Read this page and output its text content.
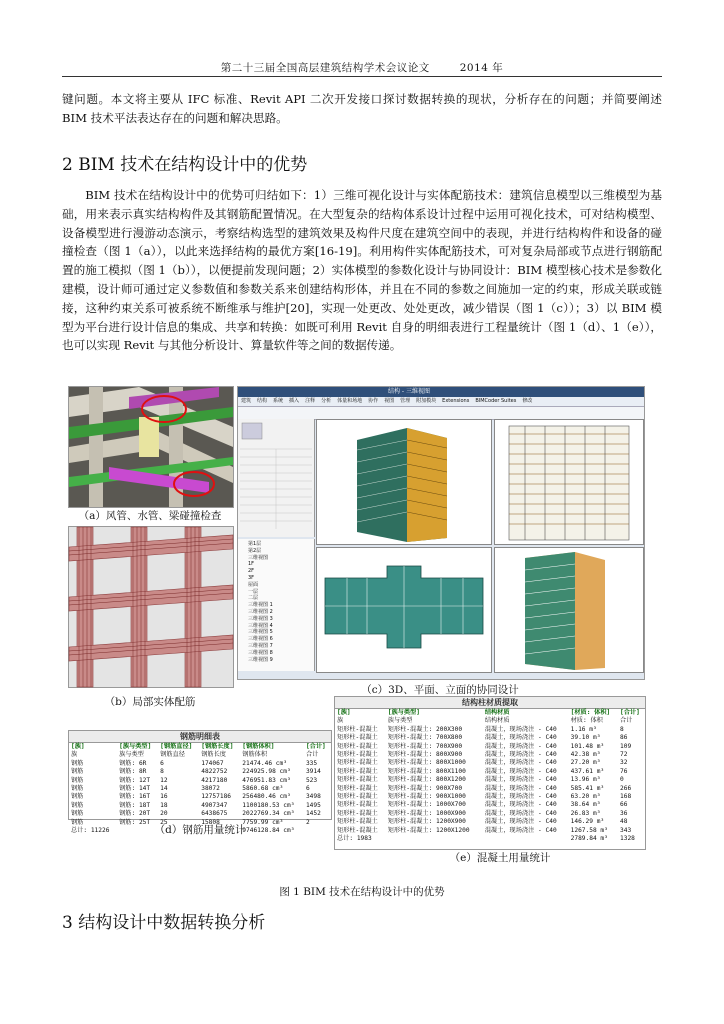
第二十三届全国高层建筑结构学术会议论文	2014 年
键问题。本文将主要从 IFC 标准、Revit API 二次开发接口探讨数据转换的现状，分析存在的问题；并简要阐述 BIM 技术平法表达存在的问题和解决思路。
2 BIM 技术在结构设计中的优势
BIM 技术在结构设计中的优势可归结如下：1）三维可视化设计与实体配筋技术：建筑信息模型以三维模型为基础，用来表示真实结构构件及其钢筋配置情况。在大型复杂的结构体系设计过程中运用可视化技术，可对结构模型、设备模型进行漫游动态演示，考察结构选型的建筑效果及构件尺度在建筑空间中的表现，并进行结构构件和设备的碰撞检查（图 1（a）），以此来选择结构的最优方案[16-19]。利用构件实体配筋技术，可对复杂局部或节点进行钢筋配置的施工模拟（图 1（b）），以便提前发现问题；2）实体模型的参数化设计与协同设计：BIM 模型核心技术是参数化建模，设计师可通过定义参数值和参数关系来创建结构形体，并且在不同的参数之间施加一定的约束，形成关联或链接，这种约束关系可被系统不断维承与维护[20]，实现一处更改、处处更改，减少错误（图 1（c））；3）以 BIM 模型为平台进行设计信息的集成、共享和转换：如既可利用 Revit 自身的明细表进行工程量统计（图 1（d）、1（e）），也可以实现 Revit 与其他分析设计、算量软件等之间的数据传递。
（a）风管、水管、梁碰撞检查
（b）局部实体配筋
结构 - 三维视图
建筑 结构 系统 插入 注释 分析 体量和场地 协作 视图 管理 附加模块 Extensions BIMCoder Suites 修改
第1层
第2层
三维视图
1F
2F
3F
屋面
一层
二层
三维视图 1
三维视图 2
三维视图 3
三维视图 4
三维视图 5
三维视图 6
三维视图 7
三维视图 8
三维视图 9
（c）3D、平面、立面的协同设计
钢筋明细表
[族]	[族与类型]	[钢筋直径]	[钢筋长度]	[钢筋体积]	[合计]
族	族与类型	钢筋直径	钢筋长度	钢筋体积	合计
钢筋	钢筋: 6R	6	174067	21474.46 cm³	335
钢筋	钢筋: 8R	8	4822752	224925.98 cm³	3914
钢筋	钢筋: 12T	12	4217180	476951.83 cm³	523
钢筋	钢筋: 14T	14	38072	5860.68 cm³	6
钢筋	钢筋: 16T	16	12757186	256480.46 cm³	3498
钢筋	钢筋: 18T	18	4907347	1100180.53 cm³	1495
钢筋	钢筋: 20T	20	6438675	2022769.34 cm³	1452
钢筋	钢筋: 25T	25	15808	7759.99 cm³	2
总计: 11226				9746128.84 cm³	
（d）钢筋用量统计
结构柱材质提取
[族]	[族与类型]	结构材质	[材质: 体积]	[合计]
族	族与类型	结构材质	材质: 体积	合计
矩形柱-混凝土	矩形柱-混凝土: 200X300	混凝土，现场浇注 - C40	1.16 m³	8
矩形柱-混凝土	矩形柱-混凝土: 700X800	混凝土，现场浇注 - C40	39.10 m³	86
矩形柱-混凝土	矩形柱-混凝土: 700X900	混凝土，现场浇注 - C40	101.48 m³	109
矩形柱-混凝土	矩形柱-混凝土: 800X900	混凝土，现场浇注 - C40	42.38 m³	72
矩形柱-混凝土	矩形柱-混凝土: 800X1000	混凝土，现场浇注 - C40	27.20 m³	32
矩形柱-混凝土	矩形柱-混凝土: 800X1100	混凝土，现场浇注 - C40	437.61 m³	76
矩形柱-混凝土	矩形柱-混凝土: 800X1200	混凝土，现场浇注 - C40	13.96 m³	0
矩形柱-混凝土	矩形柱-混凝土: 900X700	混凝土，现场浇注 - C40	585.41 m³	266
矩形柱-混凝土	矩形柱-混凝土: 900X1000	混凝土，现场浇注 - C40	63.20 m³	168
矩形柱-混凝土	矩形柱-混凝土: 1000X700	混凝土，现场浇注 - C40	38.64 m³	66
矩形柱-混凝土	矩形柱-混凝土: 1000X900	混凝土，现场浇注 - C40	26.83 m³	36
矩形柱-混凝土	矩形柱-混凝土: 1200X900	混凝土，现场浇注 - C40	146.29 m³	48
矩形柱-混凝土	矩形柱-混凝土: 1200X1200	混凝土，现场浇注 - C40	1267.58 m³	343
总计: 1983			2789.84 m³	1328
（e）混凝土用量统计
图 1 BIM 技术在结构设计中的优势
3 结构设计中数据转换分析
